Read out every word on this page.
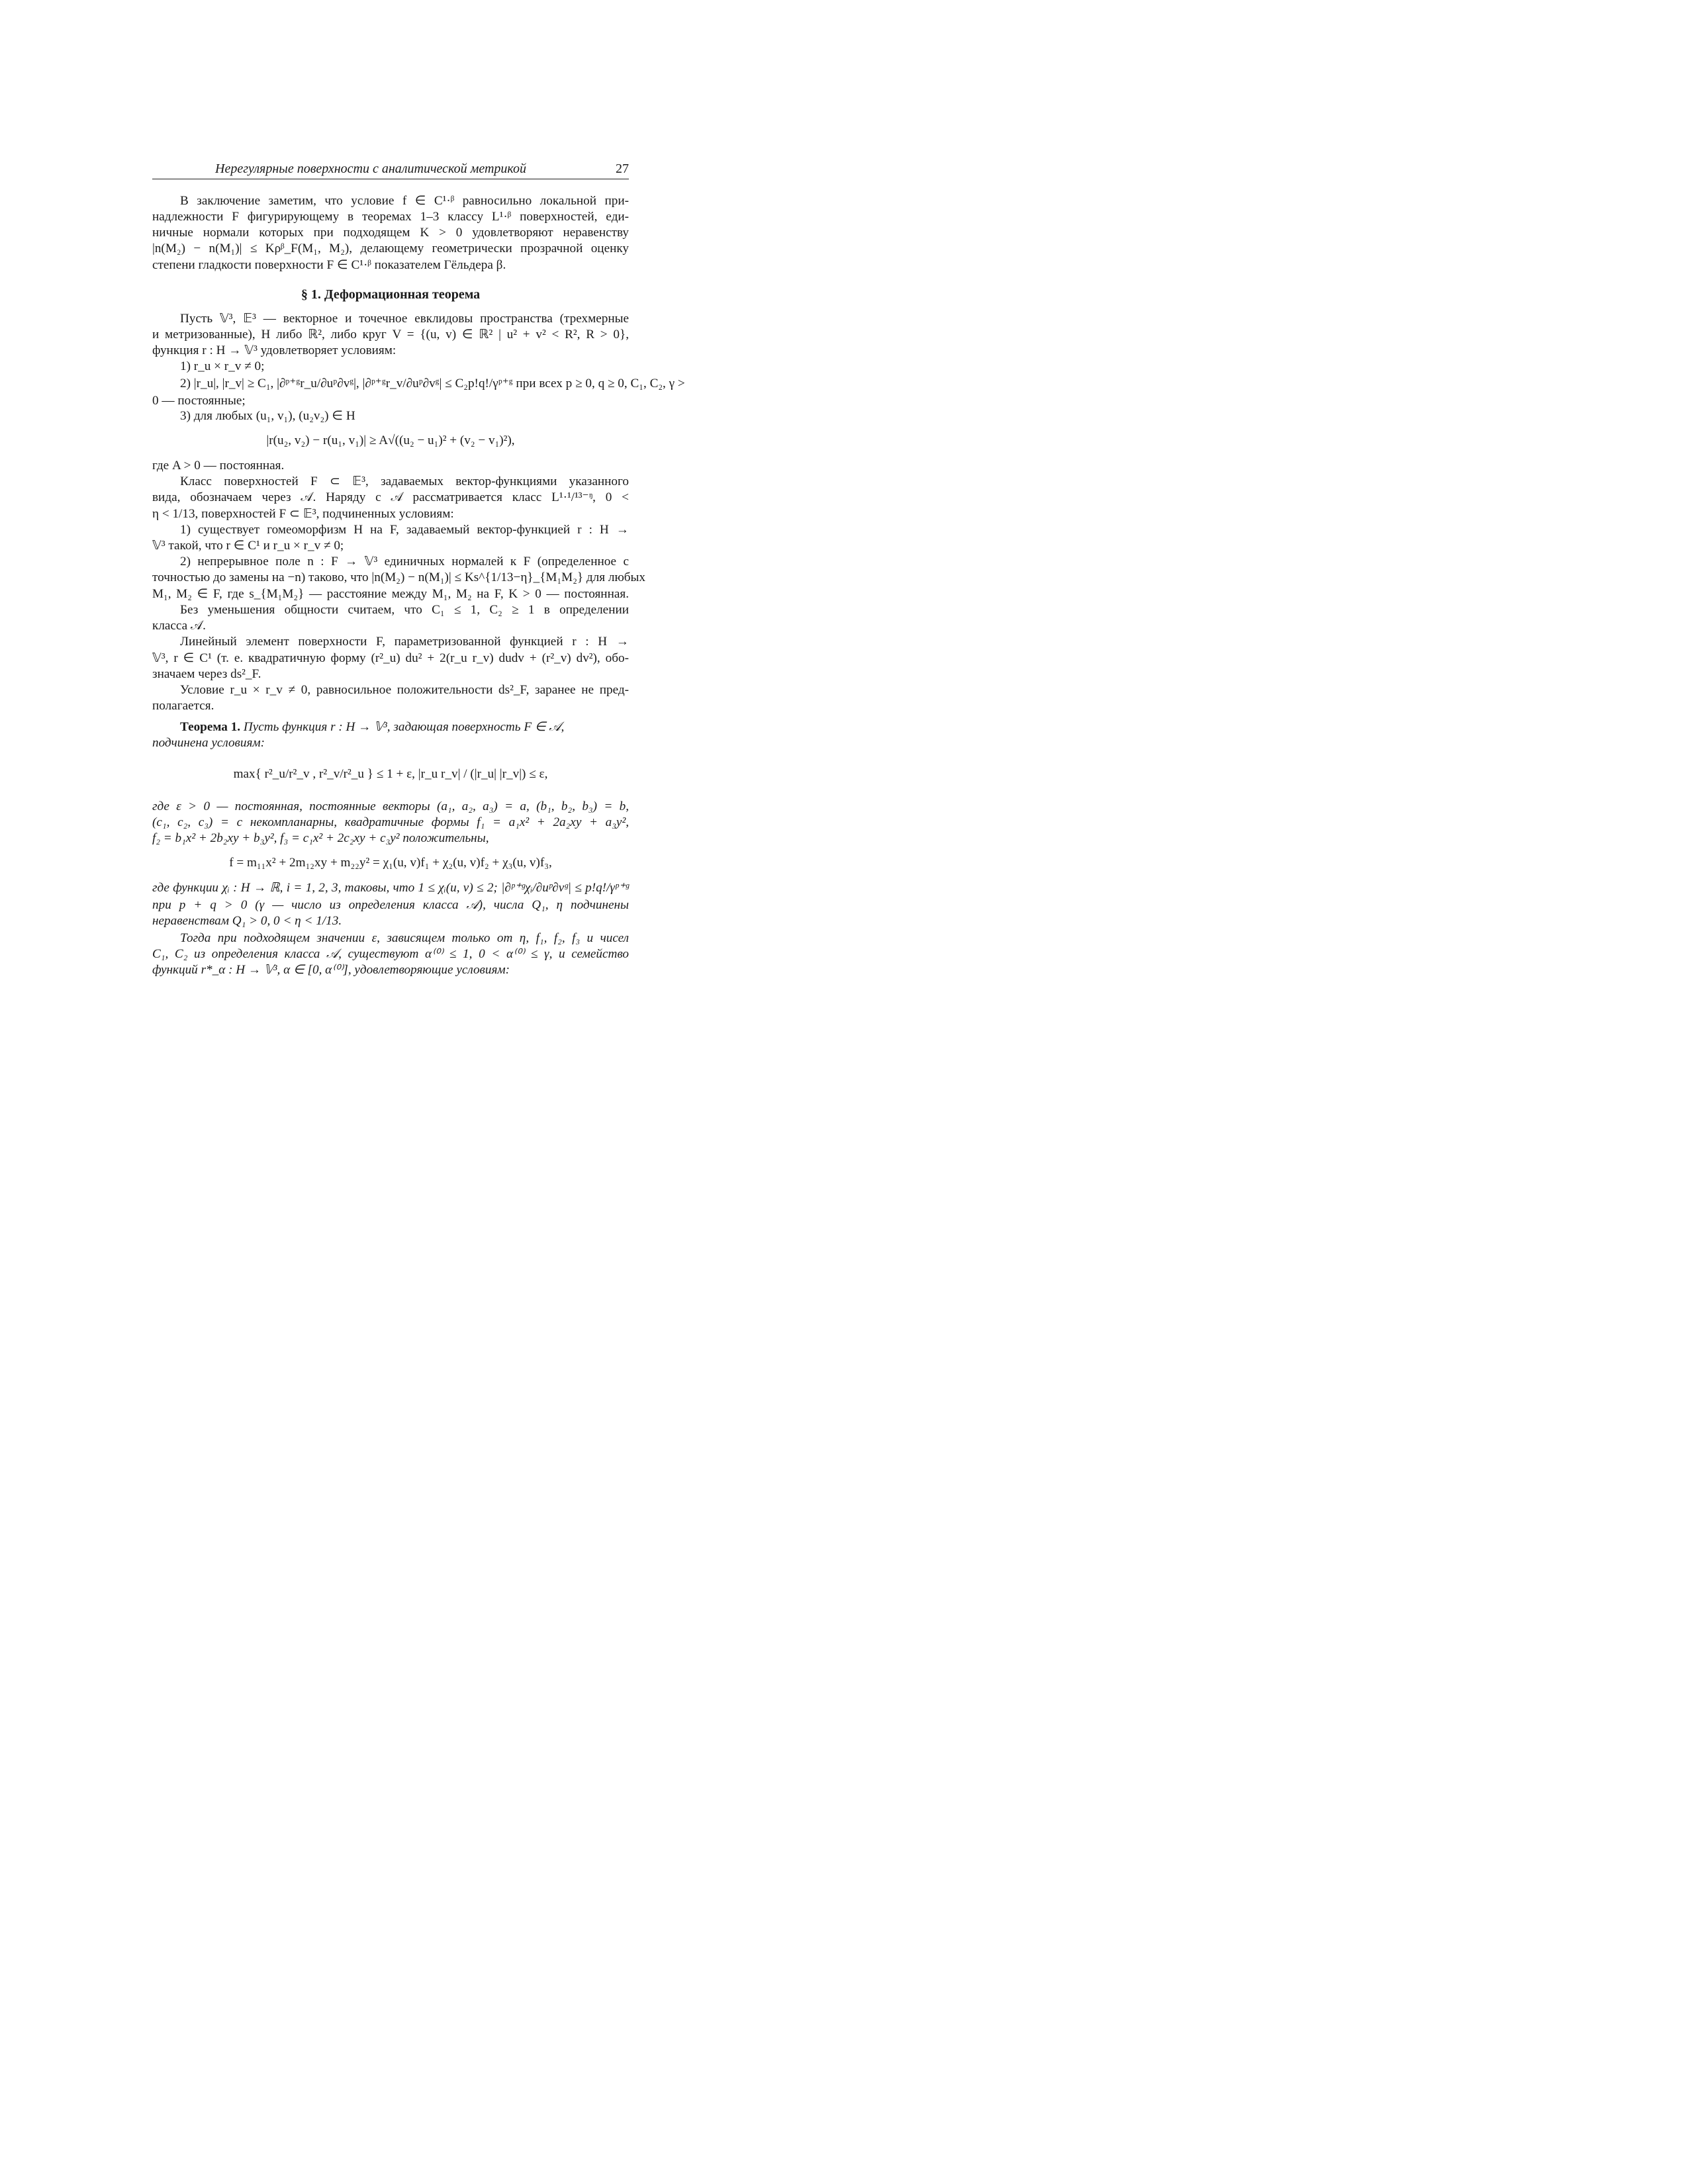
Нерегулярные поверхности с аналитической метрикой	27
В заключение заметим, что условие f ∈ C¹·ᵝ равносильно локальной при-
надлежности F фигурирующему в теоремах 1–3 классу L¹·ᵝ поверхностей, еди-
ничные нормали которых при подходящем K > 0 удовлетворяют неравенству
|n(M₂) − n(M₁)| ≤ Kρᵝ_F(M₁, M₂), делающему геометрически прозрачной оценку
степени гладкости поверхности F ∈ C¹·ᵝ показателем Гёльдера β.
§ 1. Деформационная теорема
Пусть 𝕍³, 𝔼³ — векторное и точечное евклидовы пространства (трехмерные
и метризованные), H либо ℝ², либо круг V = {(u, v) ∈ ℝ² | u² + v² < R², R > 0},
функция r : H → 𝕍³ удовлетворяет условиям:
1) r_u × r_v ≠ 0;
2) |r_u|, |r_v| ≥ C₁, |∂ᵖ⁺ᵍr_u/∂uᵖ∂vᵍ|, |∂ᵖ⁺ᵍr_v/∂uᵖ∂vᵍ| ≤ C₂p!q!/γᵖ⁺ᵍ при всех p ≥ 0, q ≥ 0, C₁, C₂, γ >
0 — постоянные;
3) для любых (u₁, v₁), (u₂v₂) ∈ H
|r(u₂, v₂) − r(u₁, v₁)| ≥ A√((u₂ − u₁)² + (v₂ − v₁)²),
где A > 0 — постоянная.
Класс поверхностей F ⊂ 𝔼³, задаваемых вектор-функциями указанного
вида, обозначаем через 𝒜. Наряду с 𝒜 рассматривается класс L¹·¹/¹³⁻ᵑ, 0 <
η < 1/13, поверхностей F ⊂ 𝔼³, подчиненных условиям:
1) существует гомеоморфизм H на F, задаваемый вектор-функцией r : H →
𝕍³ такой, что r ∈ C¹ и r_u × r_v ≠ 0;
2) непрерывное поле n : F → 𝕍³ единичных нормалей к F (определенное с
точностью до замены на −n) таково, что |n(M₂) − n(M₁)| ≤ Ks^{1/13−η}_{M₁M₂} для любых
M₁, M₂ ∈ F, где s_{M₁M₂} — расстояние между M₁, M₂ на F, K > 0 — постоянная.
Без уменьшения общности считаем, что C₁ ≤ 1, C₂ ≥ 1 в определении
класса 𝒜.
Линейный элемент поверхности F, параметризованной функцией r : H →
𝕍³, r ∈ C¹ (т. е. квадратичную форму (r²_u) du² + 2(r_u r_v) dudv + (r²_v) dv²), обо-
значаем через ds²_F.
Условие r_u × r_v ≠ 0, равносильное положительности ds²_F, заранее не пред-
полагается.
Теорема 1. Пусть функция r : H → 𝕍³, задающая поверхность F ∈ 𝒜,
подчинена условиям:
max{ r²_u/r²_v , r²_v/r²_u } ≤ 1 + ε, |r_u r_v| / (|r_u| |r_v|) ≤ ε,
где ε > 0 — постоянная, постоянные векторы (a₁, a₂, a₃) = a, (b₁, b₂, b₃) = b,
(c₁, c₂, c₃) = c некомпланарны, квадратичные формы f₁ = a₁x² + 2a₂xy + a₃y²,
f₂ = b₁x² + 2b₂xy + b₃y², f₃ = c₁x² + 2c₂xy + c₃y² положительны,
f = m₁₁x² + 2m₁₂xy + m₂₂y² = χ₁(u, v)f₁ + χ₂(u, v)f₂ + χ₃(u, v)f₃,
где функции χᵢ : H → ℝ, i = 1, 2, 3, таковы, что 1 ≤ χᵢ(u, v) ≤ 2; |∂ᵖ⁺ᵍχᵢ/∂uᵖ∂vᵍ| ≤ p!q!/γᵖ⁺ᵍ
при p + q > 0 (γ — число из определения класса 𝒜), числа Q₁, η подчинены
неравенствам Q₁ > 0, 0 < η < 1/13.
Тогда при подходящем значении ε, зависящем только от η, f₁, f₂, f₃ и чисел
C₁, C₂ из определения класса 𝒜, существуют α⁽⁰⁾ ≤ 1, 0 < α⁽⁰⁾ ≤ γ, и семейство
функций r*_α : H → 𝕍³, α ∈ [0, α⁽⁰⁾], удовлетворяющие условиям:
